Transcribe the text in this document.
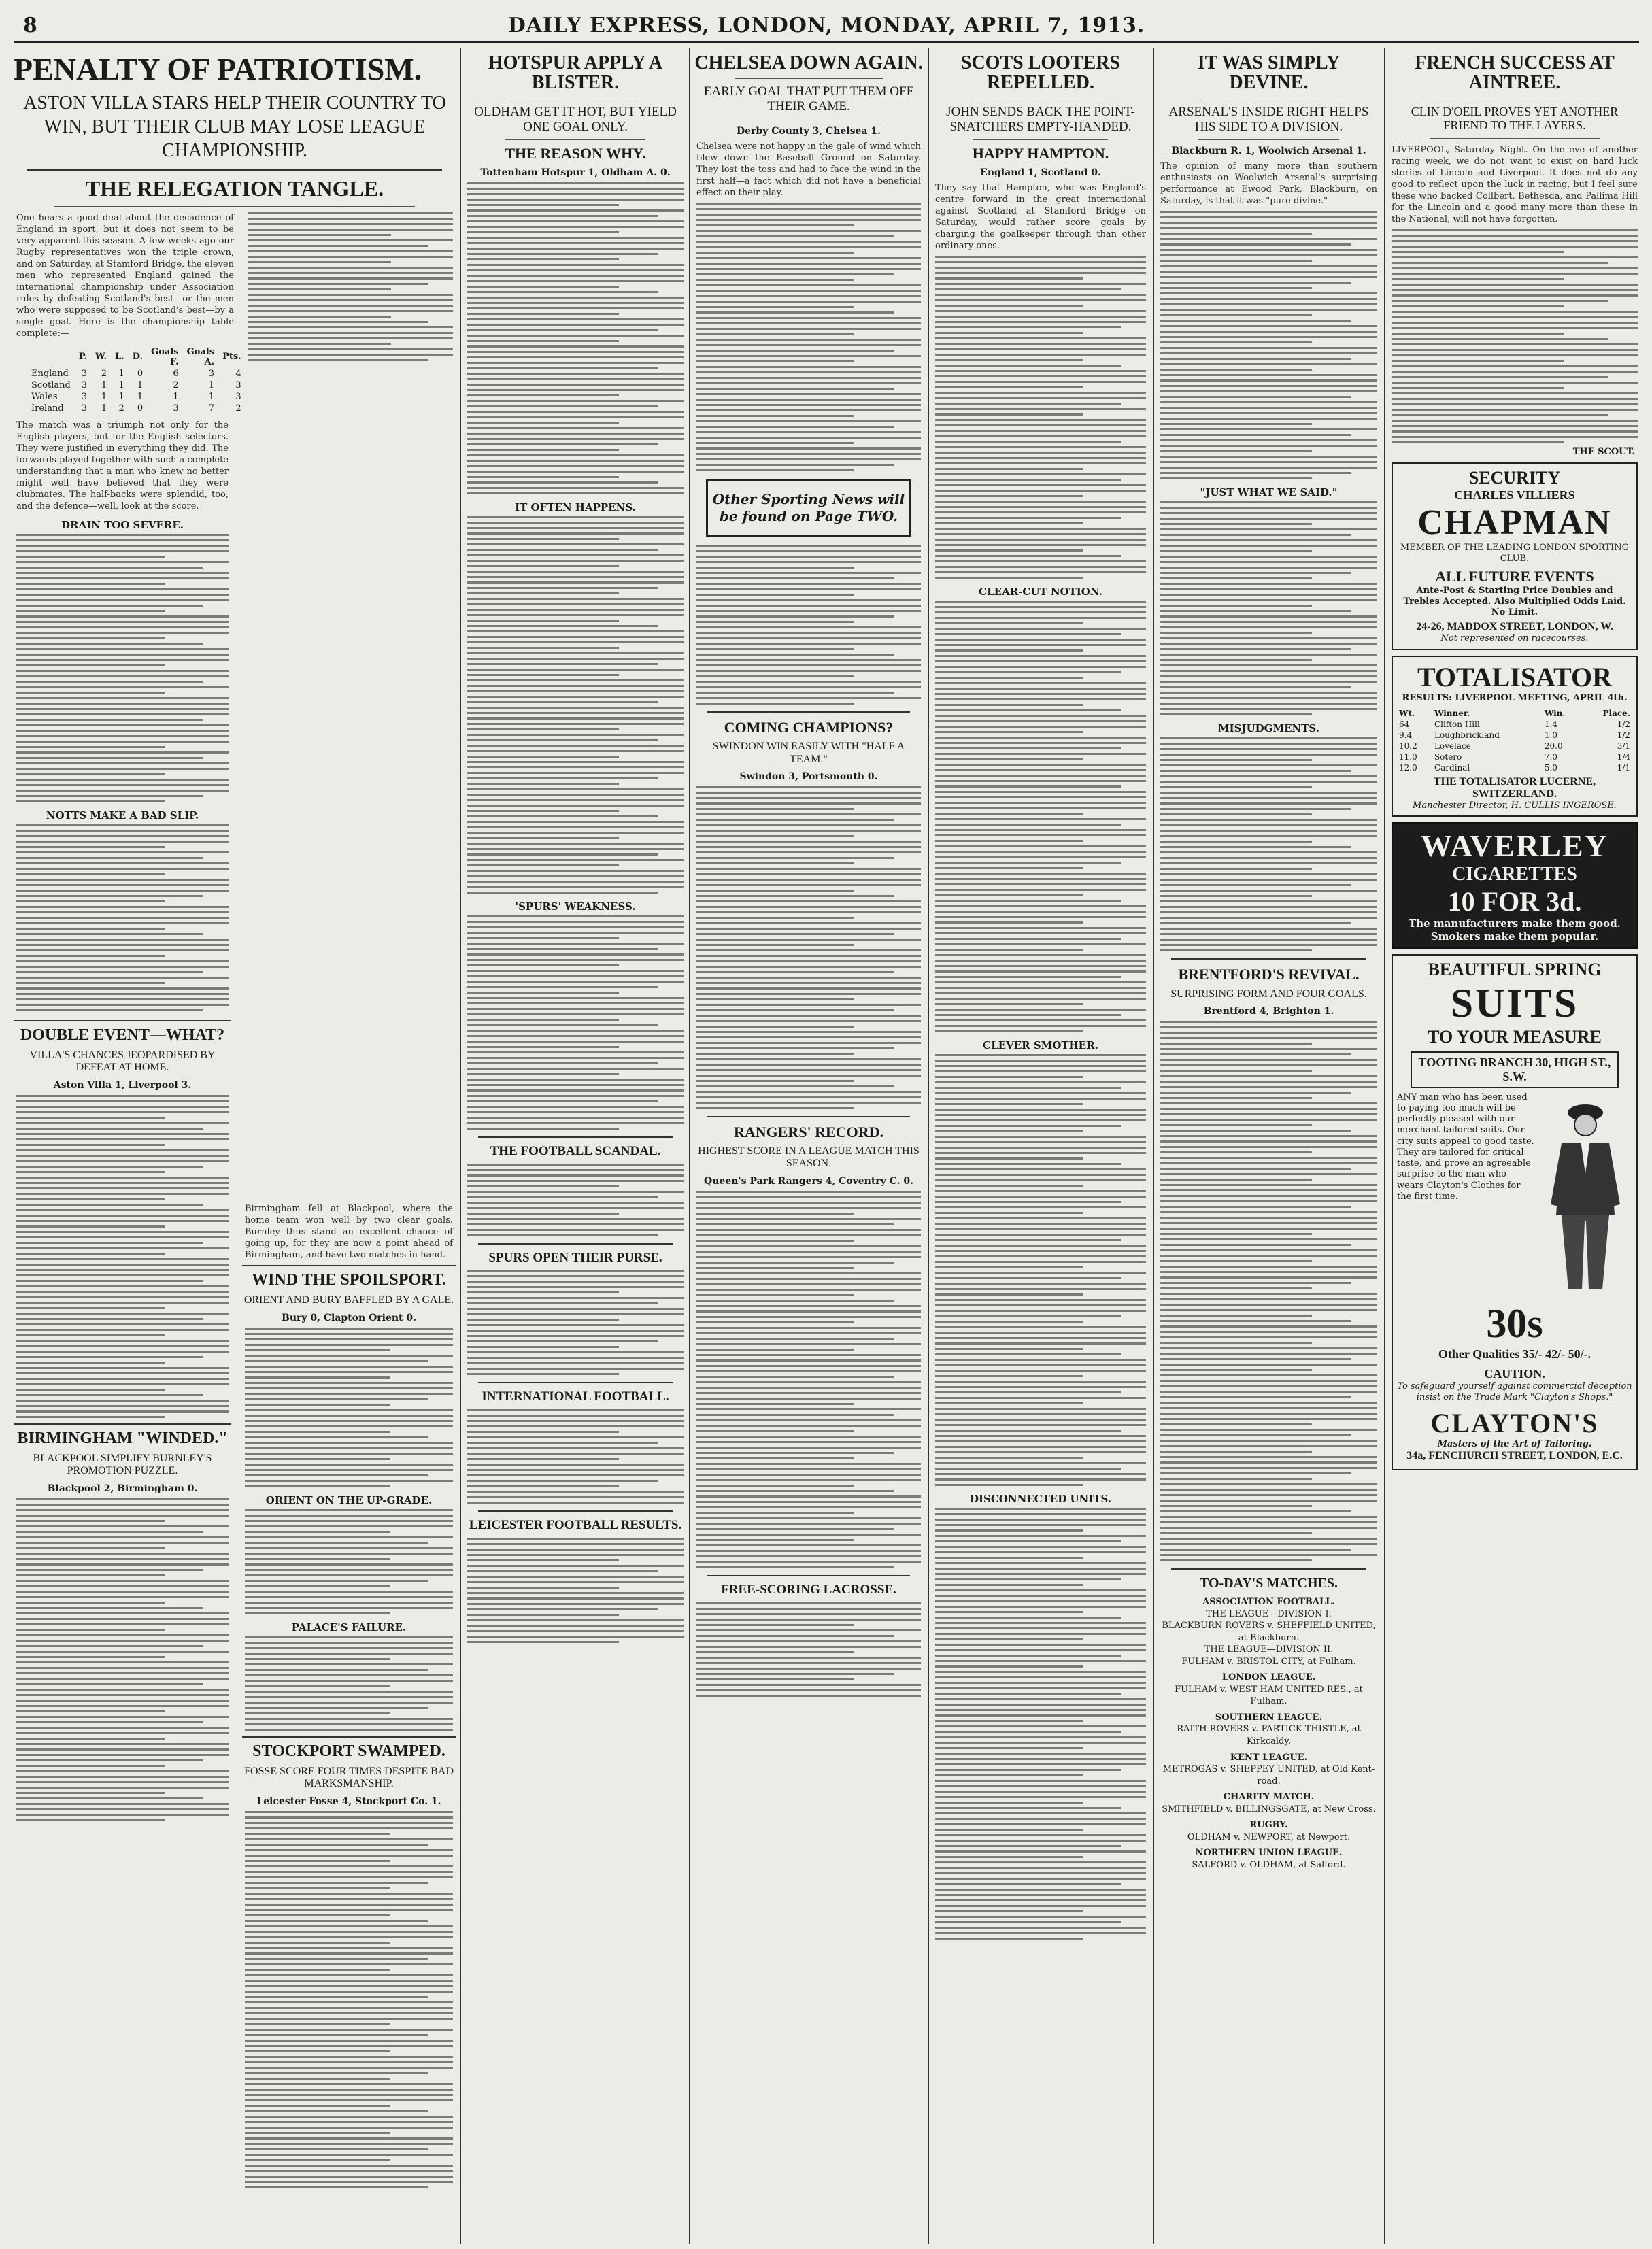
8	DAILY EXPRESS, LONDON, MONDAY, APRIL 7, 1913.
PENALTY OF PATRIOTISM.
ASTON VILLA STARS HELP THEIR COUNTRY TO WIN, BUT THEIR CLUB MAY LOSE LEAGUE CHAMPIONSHIP.
THE RELEGATION TANGLE.
One hears a good deal about the decadence of England in sport, but it does not seem to be very apparent this season. A few weeks ago our Rugby representatives won the triple crown, and on Saturday, at Stamford Bridge, the eleven men who represented England gained the international championship under Association rules by defeating Scotland's best—or the men who were supposed to be Scotland's best—by a single goal. Here is the championship table complete:—
	P.	W.	L.	D.	Goals F.	Goals A.	Pts.
England	3	2	1	0	6	3	4
Scotland	3	1	1	1	2	1	3
Wales	3	1	1	1	1	1	3
Ireland	3	1	2	0	3	7	2
The match was a triumph not only for the English players, but for the English selectors. They were justified in everything they did. The forwards played together with such a complete understanding that a man who knew no better might well have believed that they were clubmates. The half-backs were splendid, too, and the defence—well, look at the score.
DRAIN TOO SEVERE.
NOTTS MAKE A BAD SLIP.
DOUBLE EVENT—WHAT?
VILLA'S CHANCES JEOPARDISED BY DEFEAT AT HOME.
Aston Villa 1, Liverpool 3.
BIRMINGHAM "WINDED."
BLACKPOOL SIMPLIFY BURNLEY'S PROMOTION PUZZLE.
Blackpool 2, Birmingham 0.
Birmingham fell at Blackpool, where the home team won well by two clear goals. Burnley thus stand an excellent chance of going up, for they are now a point ahead of Birmingham, and have two matches in hand.
WIND THE SPOILSPORT.
ORIENT AND BURY BAFFLED BY A GALE.
Bury 0, Clapton Orient 0.
ORIENT ON THE UP-GRADE.
PALACE'S FAILURE.
STOCKPORT SWAMPED.
FOSSE SCORE FOUR TIMES DESPITE BAD MARKSMANSHIP.
Leicester Fosse 4, Stockport Co. 1.
HOTSPUR APPLY A BLISTER.
OLDHAM GET IT HOT, BUT YIELD ONE GOAL ONLY.
THE REASON WHY.
Tottenham Hotspur 1, Oldham A. 0.
IT OFTEN HAPPENS.
'SPURS' WEAKNESS.
THE FOOTBALL SCANDAL.
SPURS OPEN THEIR PURSE.
INTERNATIONAL FOOTBALL.
LEICESTER FOOTBALL RESULTS.
CHELSEA DOWN AGAIN.
EARLY GOAL THAT PUT THEM OFF THEIR GAME.
Derby County 3, Chelsea 1.
Chelsea were not happy in the gale of wind which blew down the Baseball Ground on Saturday. They lost the toss and had to face the wind in the first half—a fact which did not have a beneficial effect on their play.
Other Sporting News will be found on Page TWO.
COMING CHAMPIONS?
SWINDON WIN EASILY WITH "HALF A TEAM."
Swindon 3, Portsmouth 0.
RANGERS' RECORD.
HIGHEST SCORE IN A LEAGUE MATCH THIS SEASON.
Queen's Park Rangers 4, Coventry C. 0.
FREE-SCORING LACROSSE.
SCOTS LOOTERS REPELLED.
JOHN SENDS BACK THE POINT-SNATCHERS EMPTY-HANDED.
HAPPY HAMPTON.
England 1, Scotland 0.
They say that Hampton, who was England's centre forward in the great international against Scotland at Stamford Bridge on Saturday, would rather score goals by charging the goalkeeper through than other ordinary ones.
CLEAR-CUT NOTION.
CLEVER SMOTHER.
DISCONNECTED UNITS.
IT WAS SIMPLY DEVINE.
ARSENAL'S INSIDE RIGHT HELPS HIS SIDE TO A DIVISION.
Blackburn R. 1, Woolwich Arsenal 1.
The opinion of many more than southern enthusiasts on Woolwich Arsenal's surprising performance at Ewood Park, Blackburn, on Saturday, is that it was "pure divine."
"JUST WHAT WE SAID."
MISJUDGMENTS.
BRENTFORD'S REVIVAL.
SURPRISING FORM AND FOUR GOALS.
Brentford 4, Brighton 1.
TO-DAY'S MATCHES.
ASSOCIATION FOOTBALL.
THE LEAGUE—DIVISION I.
BLACKBURN ROVERS v. SHEFFIELD UNITED, at Blackburn.
THE LEAGUE—DIVISION II.
FULHAM v. BRISTOL CITY, at Fulham.
LONDON LEAGUE.
FULHAM v. WEST HAM UNITED RES., at Fulham.
SOUTHERN LEAGUE.
RAITH ROVERS v. PARTICK THISTLE, at Kirkcaldy.
KENT LEAGUE.
METROGAS v. SHEPPEY UNITED, at Old Kent-road.
CHARITY MATCH.
SMITHFIELD v. BILLINGSGATE, at New Cross.
RUGBY.
OLDHAM v. NEWPORT, at Newport.
NORTHERN UNION LEAGUE.
SALFORD v. OLDHAM, at Salford.
FRENCH SUCCESS AT AINTREE.
CLIN D'OEIL PROVES YET ANOTHER FRIEND TO THE LAYERS.
LIVERPOOL, Saturday Night. On the eve of another racing week, we do not want to exist on hard luck stories of Lincoln and Liverpool. It does not do any good to reflect upon the luck in racing, but I feel sure these who backed Collbert, Bethesda, and Pallima Hill for the Lincoln and a good many more than these in the National, will not have forgotten.
THE SCOUT.
SECURITY
CHARLES VILLIERS
CHAPMAN
MEMBER OF THE LEADING LONDON SPORTING CLUB.
ALL FUTURE EVENTS
Ante-Post & Starting Price Doubles and Trebles Accepted. Also Multiplied Odds Laid. No Limit.
24-26, MADDOX STREET, LONDON, W.
Not represented on racecourses.
TOTALISATOR
RESULTS: LIVERPOOL MEETING, APRIL 4th.
Wt.	Winner.	Win.	Place.
64	Clifton Hill	1.4	1/2
9.4	Loughbrickland	1.0	1/2
10.2	Lovelace	20.0	3/1
11.0	Sotero	7.0	1/4
12.0	Cardinal	5.0	1/1
THE TOTALISATOR LUCERNE, SWITZERLAND.
Manchester Director, H. CULLIS INGEROSE.
WAVERLEY
CIGARETTES
10 FOR 3d.
The manufacturers make them good. Smokers make them popular.
BEAUTIFUL SPRING
SUITS
TO YOUR MEASURE
TOOTING BRANCH 30, HIGH ST., S.W.
ANY man who has been used to paying too much will be perfectly pleased with our merchant-tailored suits. Our city suits appeal to good taste. They are tailored for critical taste, and prove an agreeable surprise to the man who wears Clayton's Clothes for the first time.
30s
Other Qualities 35/- 42/- 50/-.
CAUTION.
To safeguard yourself against commercial deception insist on the Trade Mark "Clayton's Shops."
CLAYTON'S
Masters of the Art of Tailoring.
34a, FENCHURCH STREET, LONDON, E.C.
